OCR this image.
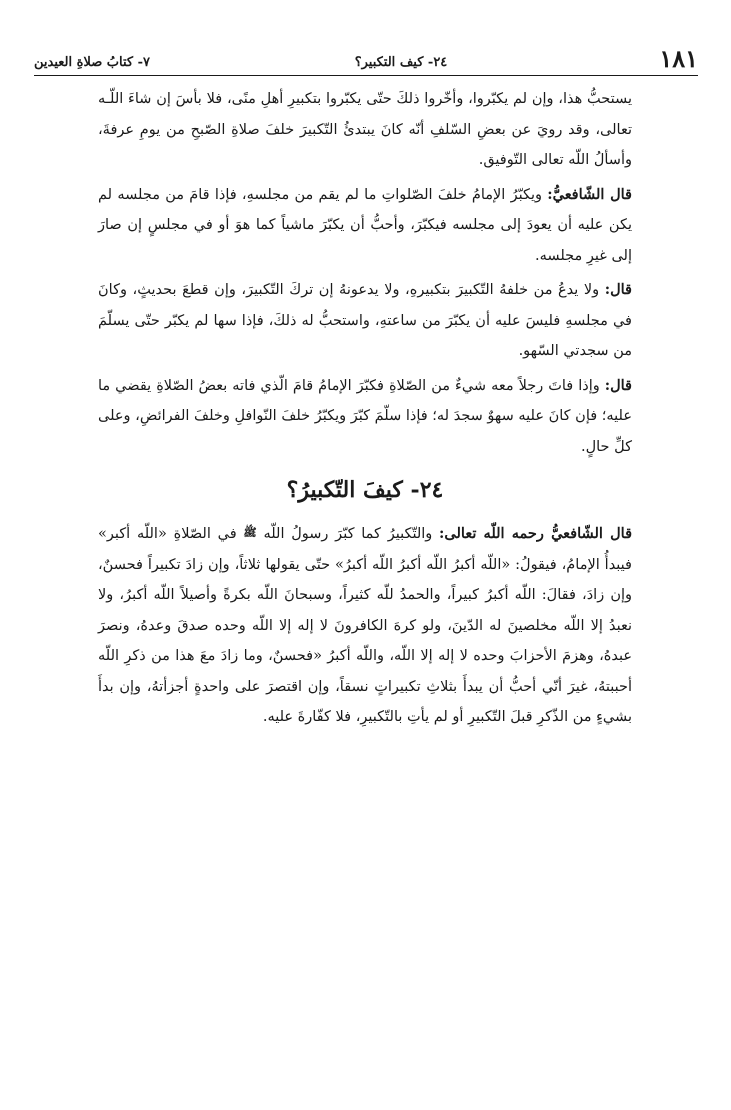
١٨١
٢٤- كيف التكبير؟
٧- كتابُ صلاةِ العيدين

يستحبُّ هذا، وإن لم يكبّروا، وأخّروا ذلكَ حتّى يكبّروا بتكبيرِ أهلِ منًى، فلا بأسَ إن شاءَ اللّـه تعالى، وقد رويَ عن بعضِ السّلفِ أنّه كانَ يبتدئُ التّكبيرَ خلفَ صلاةِ الصّبحِ من يومِ عرفةَ، وأسألُ اللّه تعالى التّوفيق.

قال الشّافعيُّ: ويكبّرُ الإمامُ خلفَ الصّلواتِ ما لم يقم من مجلسهِ، فإذا قامَ من مجلسه لم يكن عليه أن يعودَ إلى مجلسه فيكبّرَ، وأحبُّ أن يكبّرَ ماشياً كما هوَ أو في مجلسٍ إن صارَ إلى غيرِ مجلسه.

قال: ولا يدعُ من خلفهُ التّكبيرَ بتكبيرهِ، ولا يدعونهُ إن تركَ التّكبيرَ، وإن قطعَ بحديثٍ، وكانَ في مجلسهِ فليسَ عليه أن يكبّرَ من ساعتهِ، واستحبُّ له ذلكَ، فإذا سها لم يكبّر حتّى يسلّمَ من سجدتي السّهو.

قال: وإذا فاتَ رجلاً معه شيءٌ من الصّلاةِ فكبّرَ الإمامُ قامَ الّذي فاته بعضُ الصّلاةِ يقضي ما عليه؛ فإن كانَ عليه سهوٌ سجدَ له؛ فإذا سلّمَ كبّرَ ويكبّرُ خلفَ النّوافلِ وخلفَ الفرائضِ، وعلى كلِّ حالٍ.

٢٤- كيفَ التّكبيرُ؟

قال الشّافعيُّ رحمه اللّه تعالى: والتّكبيرُ كما كبّرَ رسولُ اللّه ﷺ في الصّلاةِ «اللّه أكبر» فيبدأُ الإمامُ، فيقولُ: «اللّه أكبرُ اللّه أكبرُ اللّه أكبرُ» حتّى يقولها ثلاثاً، وإن زادَ تكبيراً فحسنٌ، وإن زادَ، فقالَ: اللّه أكبرُ كبيراً، والحمدُ للّه كثيراً، وسبحانَ اللّه بكرةً وأصيلاً اللّه أكبرُ، ولا نعبدُ إلا اللّه مخلصينَ له الدّينَ، ولو كرهَ الكافرونَ لا إله إلا اللّه وحده صدقَ وعدهُ، ونصرَ عبدهُ، وهزمَ الأحزابَ وحده لا إله إلا اللّه، واللّه أكبرُ «فحسنٌ، وما زادَ معَ هذا من ذكرِ اللّه أحببتهُ، غيرَ أنّي أحبُّ أن يبدأَ بثلاثِ تكبيراتٍ نسقاً، وإن اقتصرَ على واحدةٍ أجزأتهُ، وإن بدأَ بشيءٍ من الذّكرِ قبلَ التّكبيرِ أو لم يأتِ بالتّكبيرِ، فلا كفّارةَ عليه.
